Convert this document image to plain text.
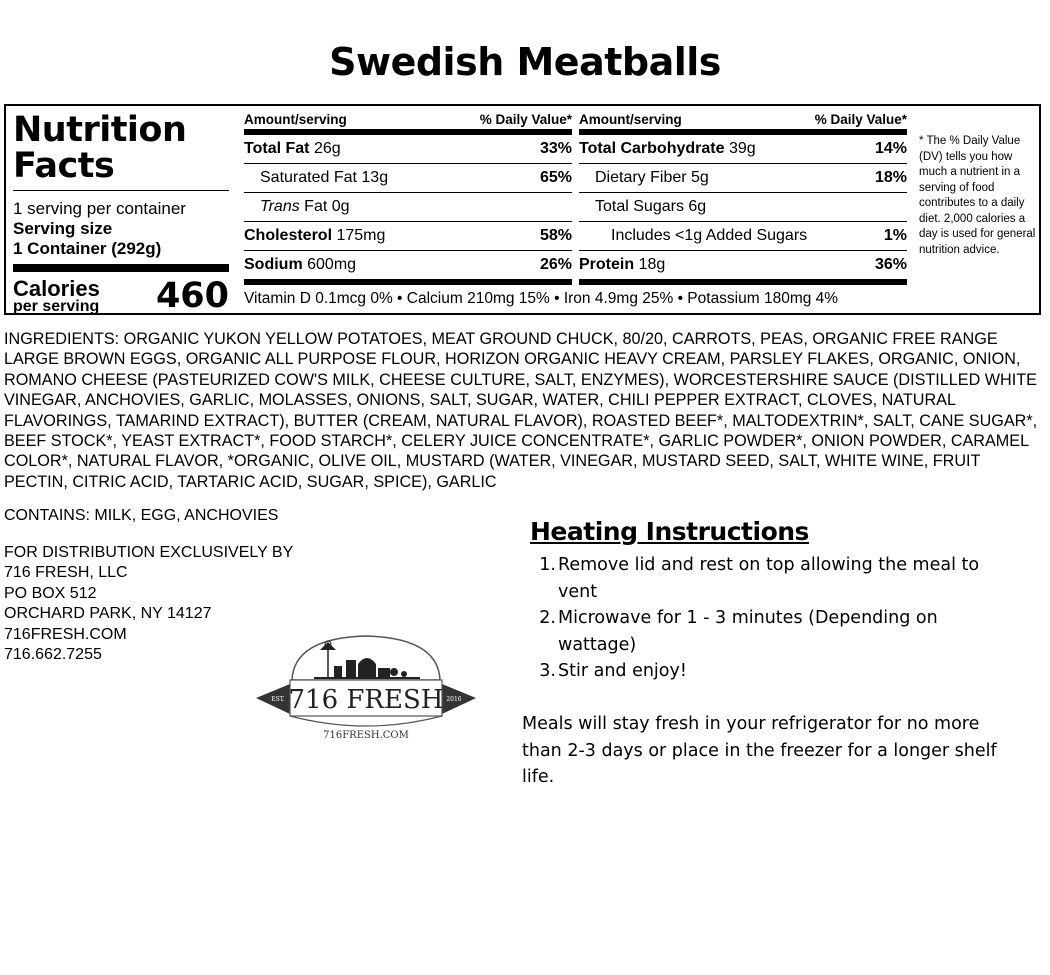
Swedish Meatballs
Nutrition
Facts
1 serving per container
Serving size
1 Container (292g)
Calories
per serving 460
Amount/serving	% Daily Value*
Total Fat 26g	33%
Saturated Fat 13g	65%
Trans Fat 0g
Cholesterol 175mg	58%
Sodium 600mg	26%
Amount/serving	% Daily Value*
Total Carbohydrate 39g	14%
Dietary Fiber 5g	18%
Total Sugars 6g
Includes <1g Added Sugars	1%
Protein 18g	36%
Vitamin D 0.1mcg 0% • Calcium 210mg 15% • Iron 4.9mg 25% • Potassium 180mg 4%
* The % Daily Value (DV) tells you how much a nutrient in a serving of food contributes to a daily diet. 2,000 calories a day is used for general nutrition advice.
INGREDIENTS: ORGANIC YUKON YELLOW POTATOES, MEAT GROUND CHUCK, 80/20, CARROTS, PEAS, ORGANIC FREE RANGE LARGE BROWN EGGS, ORGANIC ALL PURPOSE FLOUR, HORIZON ORGANIC HEAVY CREAM, PARSLEY FLAKES, ORGANIC, ONION, ROMANO CHEESE (PASTEURIZED COW'S MILK, CHEESE CULTURE, SALT, ENZYMES), WORCESTERSHIRE SAUCE (DISTILLED WHITE VINEGAR, ANCHOVIES, GARLIC, MOLASSES, ONIONS, SALT, SUGAR, WATER, CHILI PEPPER EXTRACT, CLOVES, NATURAL FLAVORINGS, TAMARIND EXTRACT), BUTTER (CREAM, NATURAL FLAVOR), ROASTED BEEF*, MALTODEXTRIN*, SALT, CANE SUGAR*, BEEF STOCK*, YEAST EXTRACT*, FOOD STARCH*, CELERY JUICE CONCENTRATE*, GARLIC POWDER*, ONION POWDER, CARAMEL COLOR*, NATURAL FLAVOR, *ORGANIC, OLIVE OIL, MUSTARD (WATER, VINEGAR, MUSTARD SEED, SALT, WHITE WINE, FRUIT PECTIN, CITRIC ACID, TARTARIC ACID, SUGAR, SPICE), GARLIC
CONTAINS: MILK, EGG, ANCHOVIES
FOR DISTRIBUTION EXCLUSIVELY BY
716 FRESH, LLC
PO BOX 512
ORCHARD PARK, NY 14127
716FRESH.COM
716.662.7255
EST.	2016
716 FRESH
716FRESH.COM
Heating Instructions
1. Remove lid and rest on top allowing the meal to vent
2. Microwave for 1 - 3 minutes (Depending on wattage)
3. Stir and enjoy!
Meals will stay fresh in your refrigerator for no more than 2-3 days or place in the freezer for a longer shelf life.
